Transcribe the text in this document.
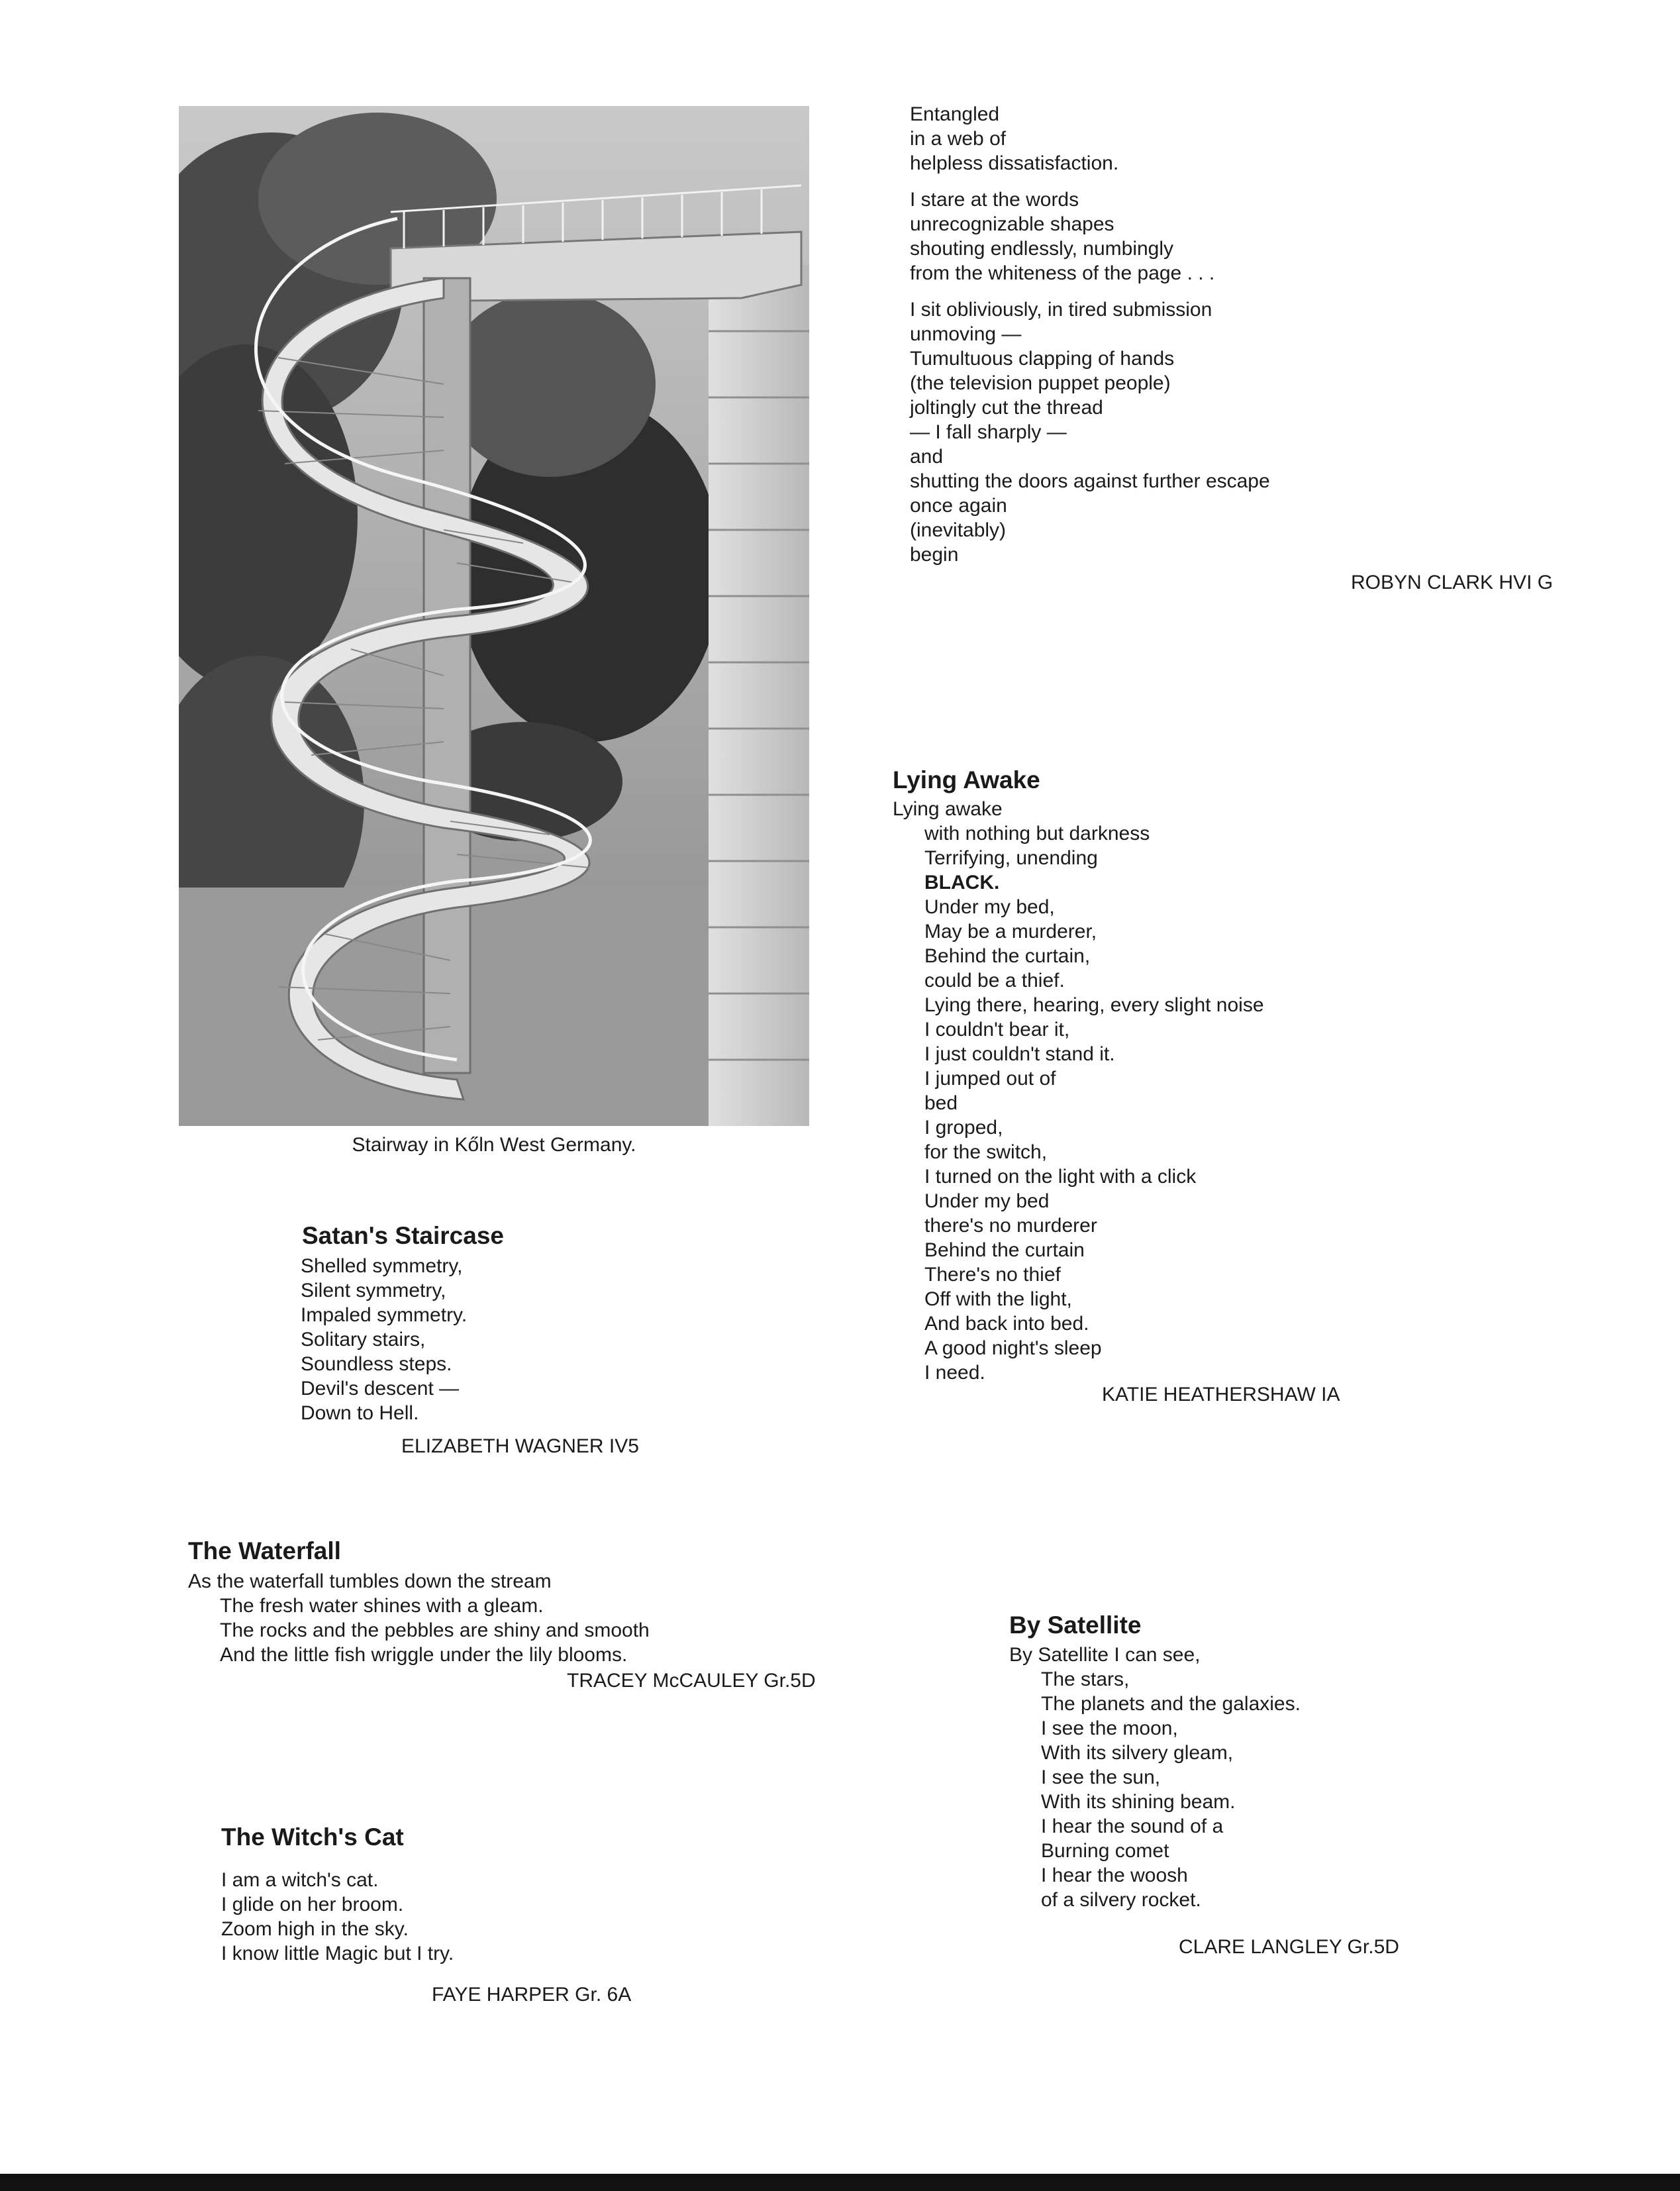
Stairway in Kőln West Germany.
Entangled
in a web of
helpless dissatisfaction.
I stare at the words
unrecognizable shapes
shouting endlessly, numbingly
from the whiteness of the page . . .
I sit obliviously, in tired submission
unmoving —
Tumultuous clapping of hands
(the television puppet people)
joltingly cut the thread
— I fall sharply —
and
shutting the doors against further escape
once again
(inevitably)
begin
ROBYN CLARK HVI G
Lying Awake
Lying awake
with nothing but darkness
Terrifying, unending
BLACK.
Under my bed,
May be a murderer,
Behind the curtain,
could be a thief.
Lying there, hearing, every slight noise
I couldn't bear it,
I just couldn't stand it.
I jumped out of
bed
I groped,
for the switch,
I turned on the light with a click
Under my bed
there's no murderer
Behind the curtain
There's no thief
Off with the light,
And back into bed.
A good night's sleep
I need.
KATIE HEATHERSHAW IA
Satan's Staircase
Shelled symmetry,
Silent symmetry,
Impaled symmetry.
Solitary stairs,
Soundless steps.
Devil's descent —
Down to Hell.
ELIZABETH WAGNER IV5
The Waterfall
As the waterfall tumbles down the stream
The fresh water shines with a gleam.
The rocks and the pebbles are shiny and smooth
And the little fish wriggle under the lily blooms.
TRACEY McCAULEY Gr.5D
The Witch's Cat
I am a witch's cat.
I glide on her broom.
Zoom high in the sky.
I know little Magic but I try.
FAYE HARPER Gr. 6A
By Satellite
By Satellite I can see,
The stars,
The planets and the galaxies.
I see the moon,
With its silvery gleam,
I see the sun,
With its shining beam.
I hear the sound of a
Burning comet
I hear the woosh
of a silvery rocket.
CLARE LANGLEY Gr.5D
